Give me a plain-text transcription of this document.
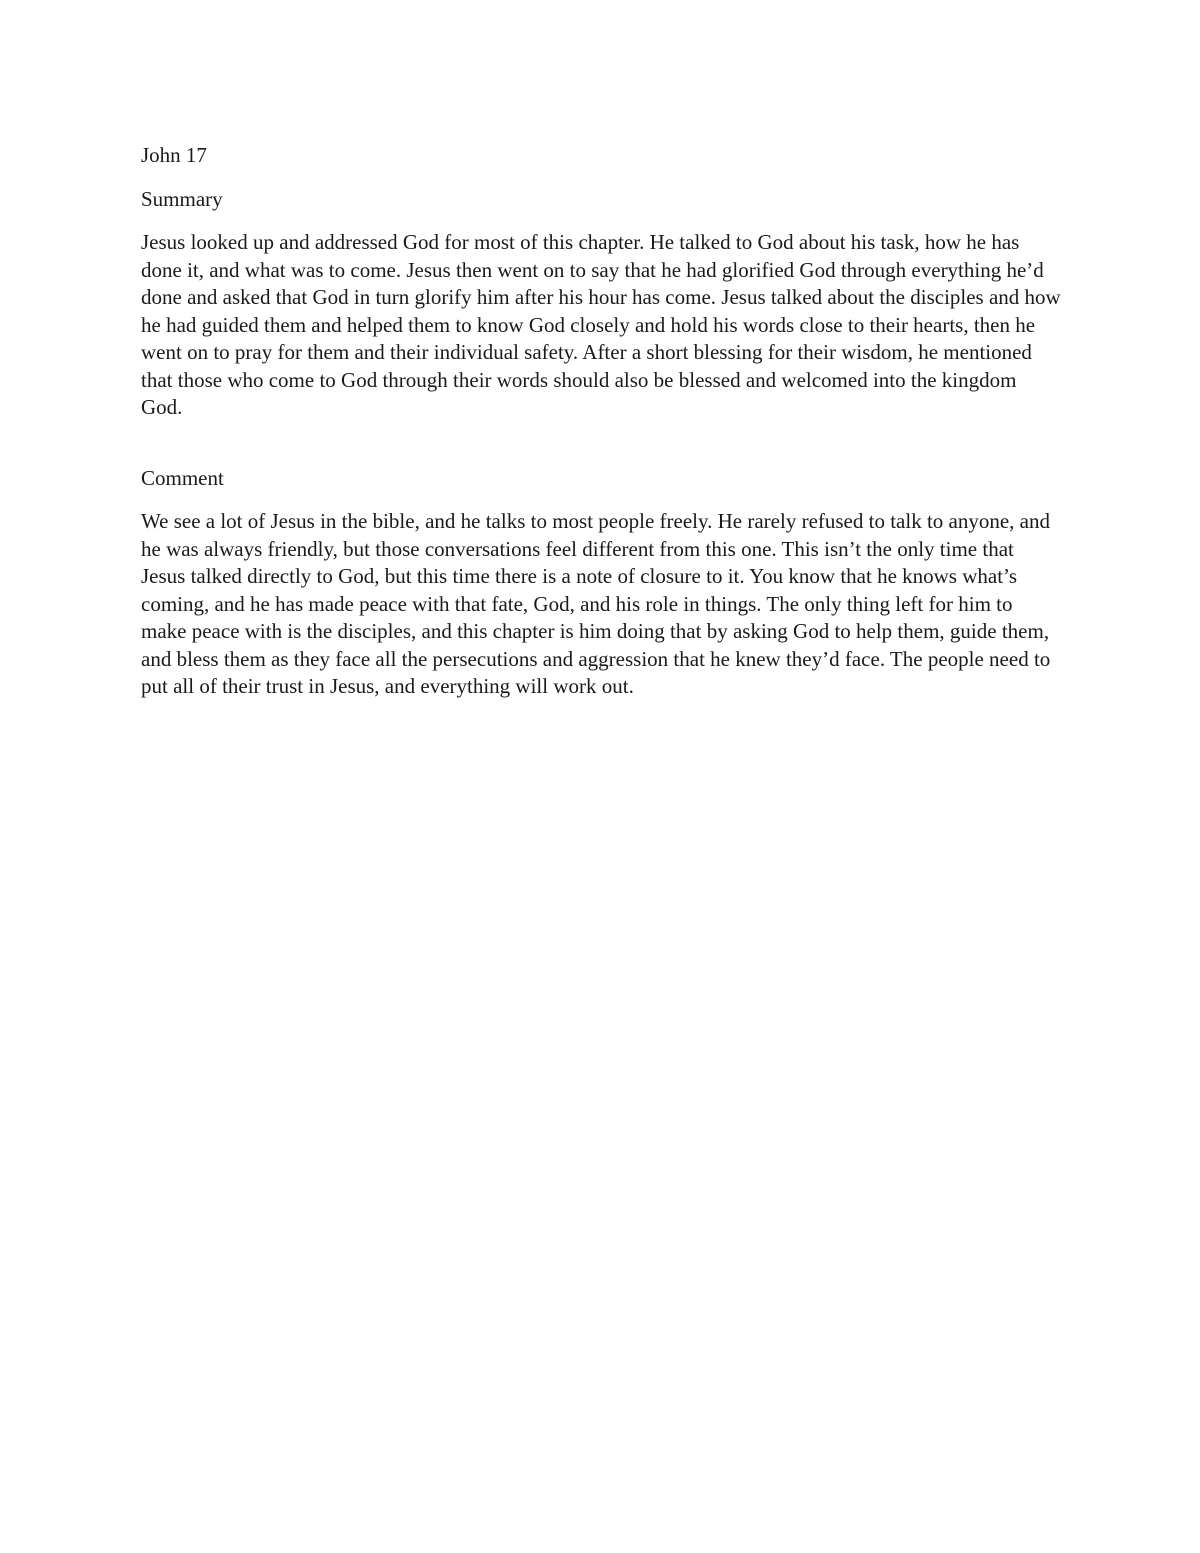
John 17

Summary

Jesus looked up and addressed God for most of this chapter. He talked to God about his task, how he has done it, and what was to come. Jesus then went on to say that he had glorified God through everything he’d done and asked that God in turn glorify him after his hour has come. Jesus talked about the disciples and how he had guided them and helped them to know God closely and hold his words close to their hearts, then he went on to pray for them and their individual safety. After a short blessing for their wisdom, he mentioned that those who come to God through their words should also be blessed and welcomed into the kingdom God.

Comment

We see a lot of Jesus in the bible, and he talks to most people freely. He rarely refused to talk to anyone, and he was always friendly, but those conversations feel different from this one. This isn’t the only time that Jesus talked directly to God, but this time there is a note of closure to it. You know that he knows what’s coming, and he has made peace with that fate, God, and his role in things. The only thing left for him to make peace with is the disciples, and this chapter is him doing that by asking God to help them, guide them, and bless them as they face all the persecutions and aggression that he knew they’d face. The people need to put all of their trust in Jesus, and everything will work out.
